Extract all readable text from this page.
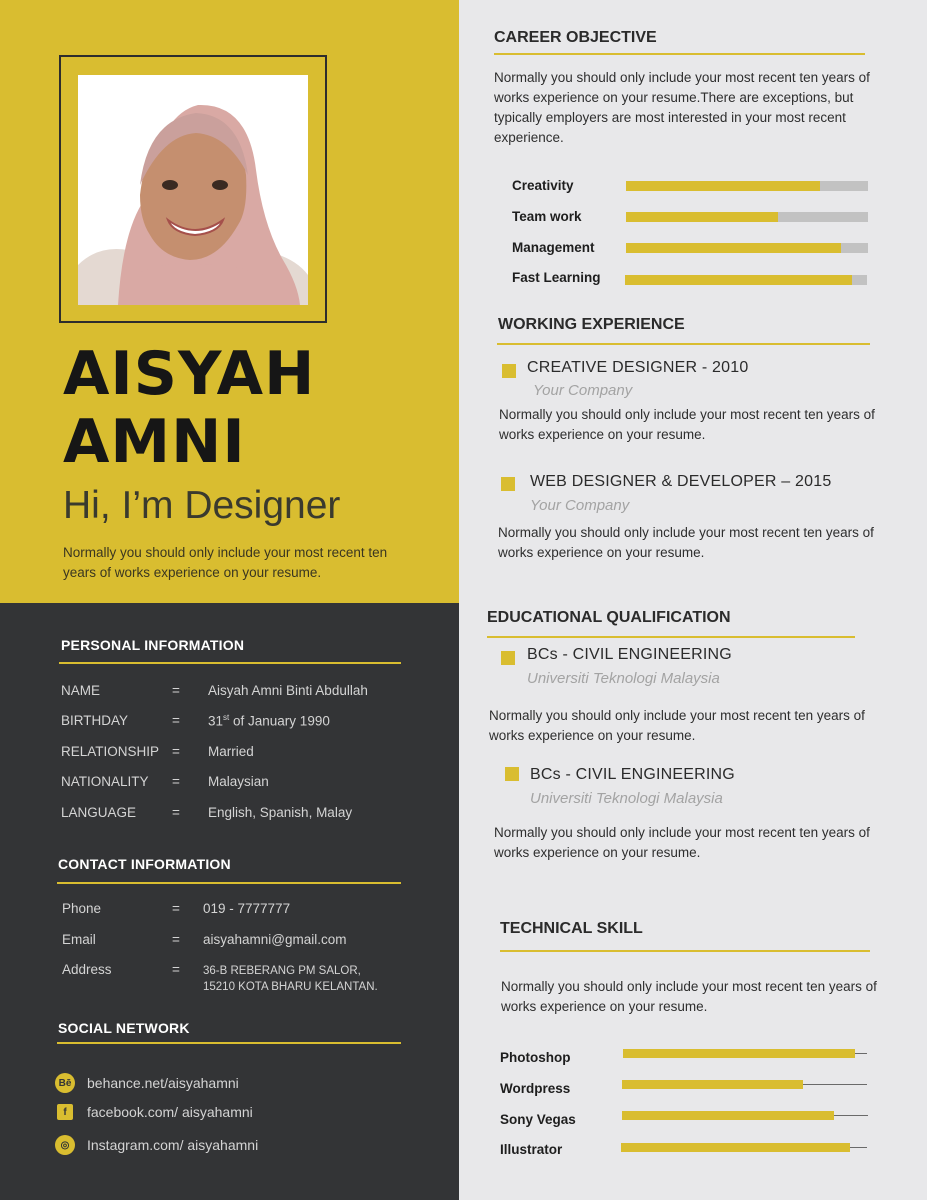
AISYAH
AMNI
Hi, I’m Designer
Normally you should only include your most recent ten years of works experience on your resume.
PERSONAL INFORMATION
NAME	= Aisyah Amni Binti Abdullah
BIRTHDAY	= 31st of January 1990
RELATIONSHIP = Married
NATIONALITY = Malaysian
LANGUAGE	= English, Spanish, Malay
CONTACT INFORMATION
Phone	= 019 - 7777777
Email	= aisyahamni@gmail.com
Address	= 36-B REBERANG PM SALOR,
15210 KOTA BHARU KELANTAN.
SOCIAL NETWORK
Bē behance.net/aisyahamni
f	facebook.com/ aisyahamni
◎	Instagram.com/ aisyahamni
CAREER OBJECTIVE
Normally you should only include your most recent ten years of works experience on your resume.There are exceptions, but typically employers are most interested in your most recent experience.
Creativity
Team work
Management
Fast Learning
WORKING EXPERIENCE
CREATIVE DESIGNER - 2010
Your Company
Normally you should only include your most recent ten years of works experience on your resume.
WEB DESIGNER & DEVELOPER – 2015
Your Company
Normally you should only include your most recent ten years of works experience on your resume.
EDUCATIONAL QUALIFICATION
BCs - CIVIL ENGINEERING
Universiti Teknologi Malaysia
Normally you should only include your most recent ten years of works experience on your resume.
BCs - CIVIL ENGINEERING
Universiti Teknologi Malaysia
Normally you should only include your most recent ten years of works experience on your resume.
TECHNICAL SKILL
Normally you should only include your most recent ten years of works experience on your resume.
Photoshop
Wordpress
Sony Vegas
Illustrator
